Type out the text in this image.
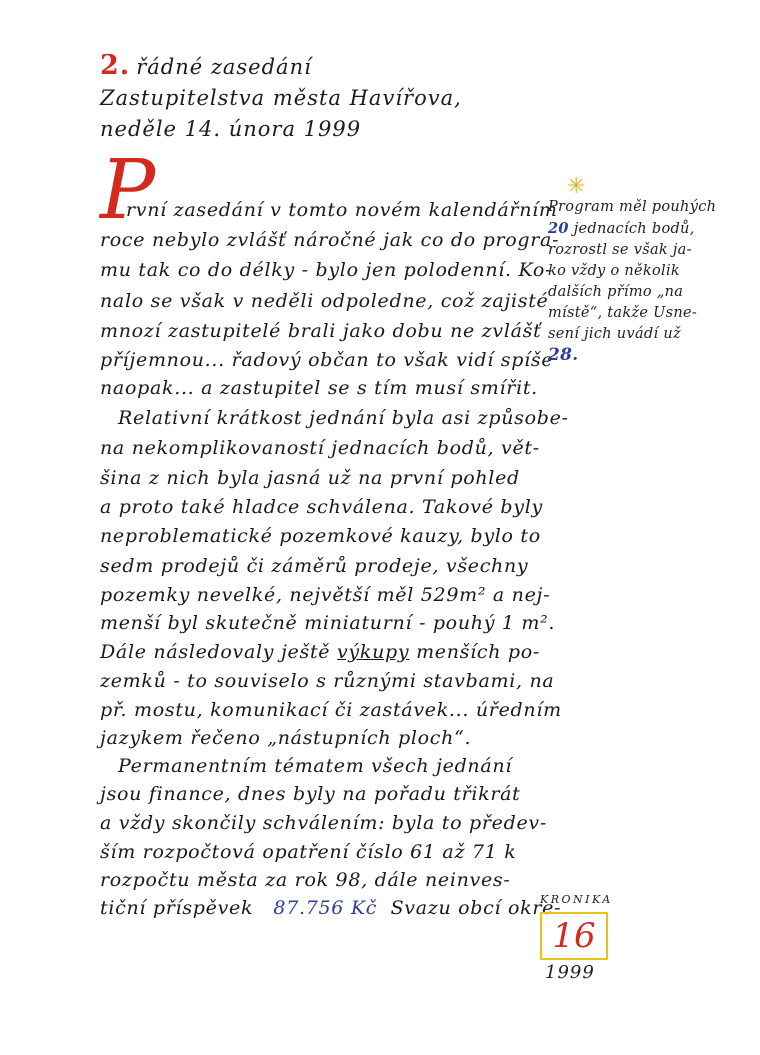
2. řádné zasedání
Zastupitelstva města Havířova,
neděle 14. února 1999
P
rvní zasedání v tomto novém kalendářním
roce nebylo zvlášť náročné jak co do progra-
mu tak co do délky - bylo jen polodenní. Ko-
nalo se však v neděli odpoledne, což zajisté
mnozí zastupitelé brali jako dobu ne zvlášť
příjemnou... řadový občan to však vidí spíše
naopak... a zastupitel se s tím musí smířit.
Relativní krátkost jednání byla asi způsobe-
na nekomplikovaností jednacích bodů, vět-
šina z nich byla jasná už na první pohled
a proto také hladce schválena. Takové byly
neproblematické pozemkové kauzy, bylo to
sedm prodejů či záměrů prodeje, všechny
pozemky nevelké, největší měl 529m² a nej-
menší byl skutečně miniaturní - pouhý 1 m².
Dále následovaly ještě výkupy menších po-
zemků - to souviselo s různými stavbami, na
př. mostu, komunikací či zastávek... úředním
jazykem řečeno „nástupních ploch“.
Permanentním tématem všech jednání
jsou finance, dnes byly na pořadu třikrát
a vždy skončily schválením: byla to předev-
ším rozpočtová opatření číslo 61 až 71 k
rozpočtu města za rok 98, dále neinves-
tiční příspěvek 87.756 Kč Svazu obcí okre-
✳
Program měl pouhých
20 jednacích bodů,
rozrostl se však ja-
ko vždy o několik
dalších přímo „na
místě“, takže Usne-
sení jich uvádí už
28.
KRONIKA
16
1999
